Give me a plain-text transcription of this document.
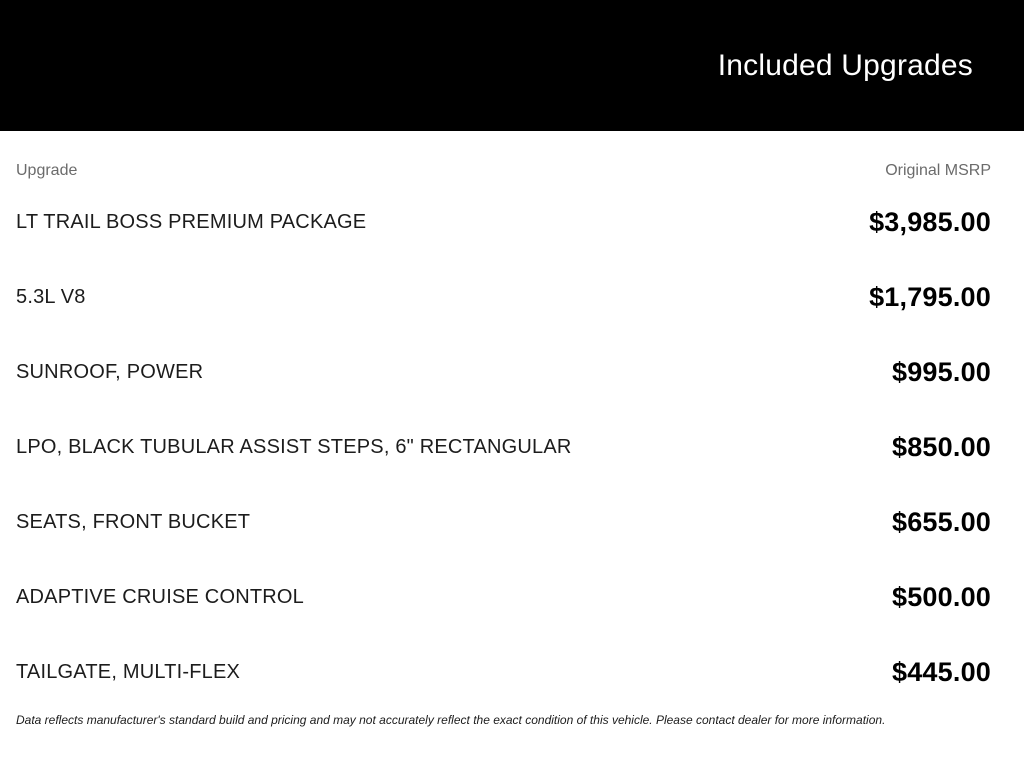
Included Upgrades
Upgrade	Original MSRP
LT TRAIL BOSS PREMIUM PACKAGE	$3,985.00
5.3L V8	$1,795.00
SUNROOF, POWER	$995.00
LPO, BLACK TUBULAR ASSIST STEPS, 6" RECTANGULAR	$850.00
SEATS, FRONT BUCKET	$655.00
ADAPTIVE CRUISE CONTROL	$500.00
TAILGATE, MULTI-FLEX	$445.00

Data reflects manufacturer's standard build and pricing and may not accurately reflect the exact condition of this vehicle. Please contact dealer for more information.
